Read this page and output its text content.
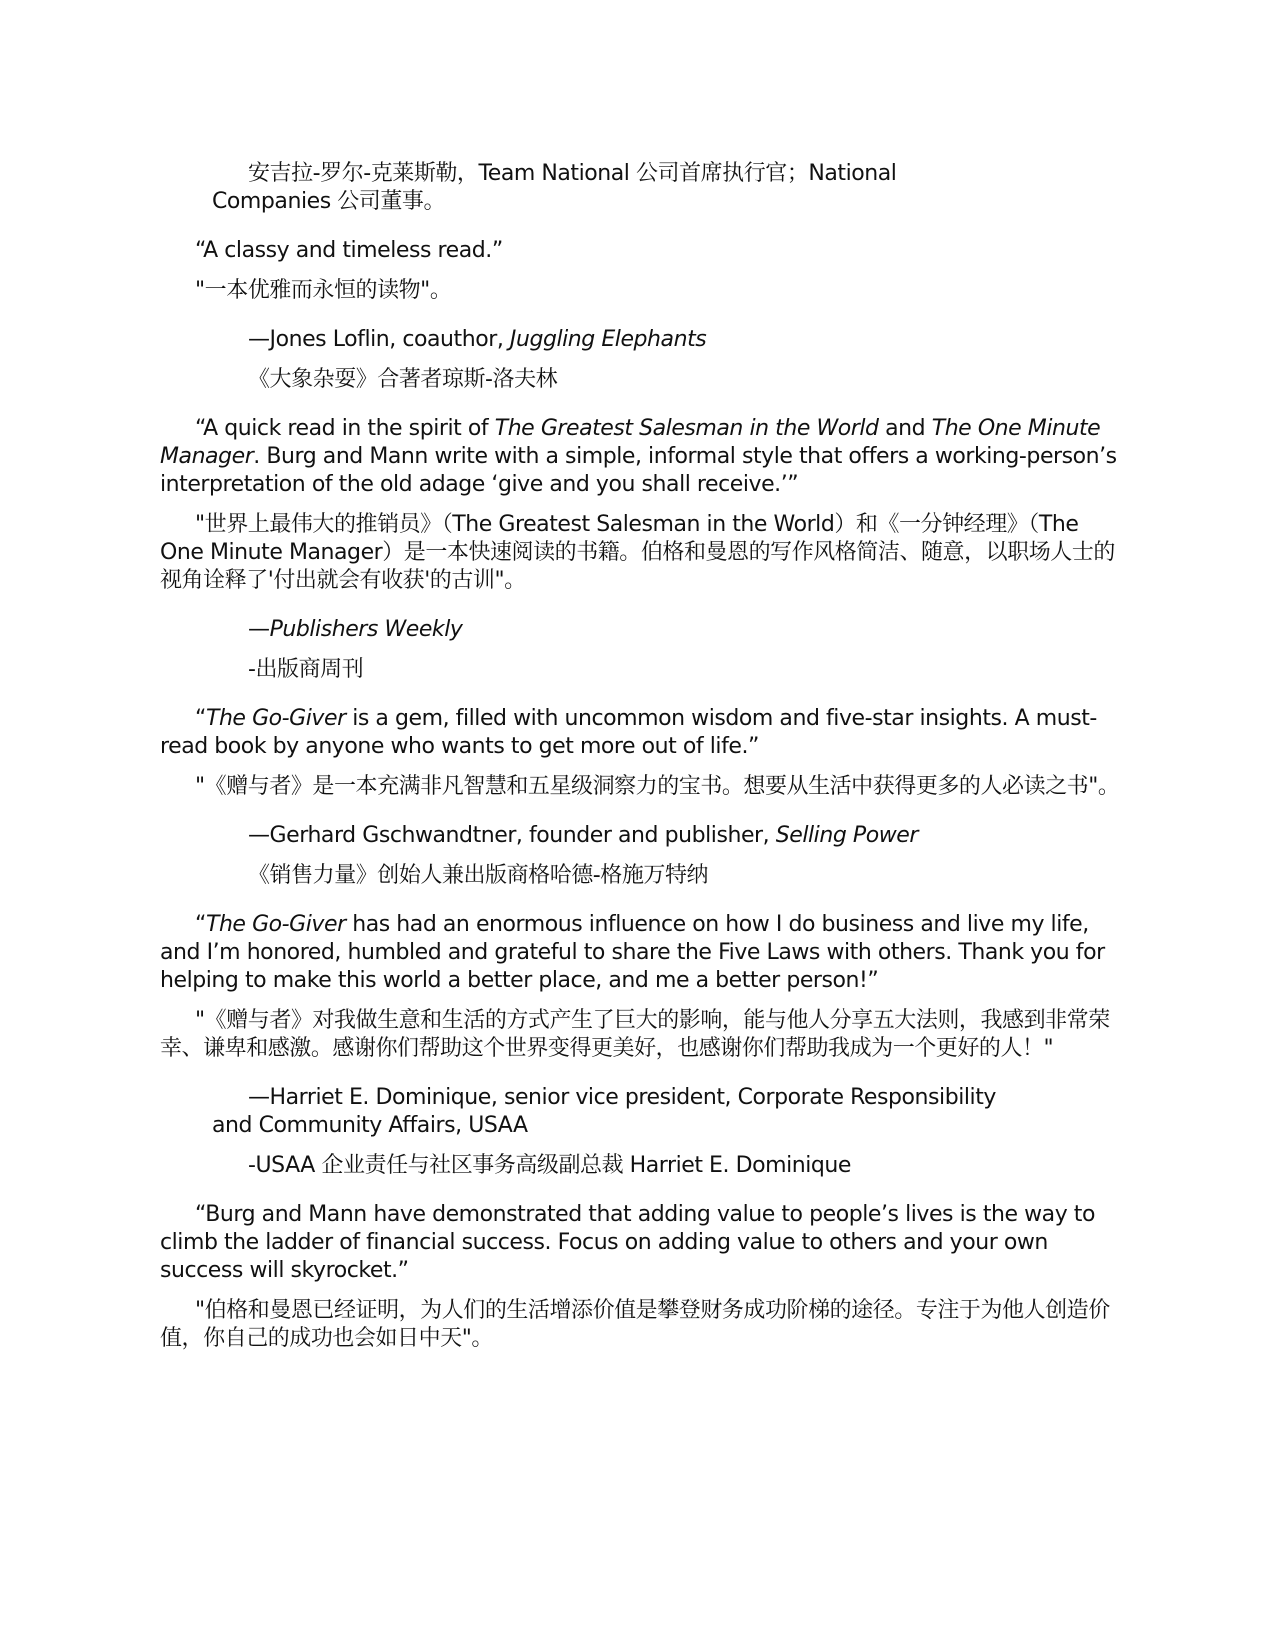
安吉拉-罗尔-克莱斯勒，Team National 公司首席执行官；National

Companies 公司董事。

“A classy and timeless read.”

"一本优雅而永恒的读物"。

—Jones Loflin, coauthor, Juggling Elephants

《大象杂耍》合著者琼斯-洛夫林

“A quick read in the spirit of The Greatest Salesman in the World and The One Minute Manager. Burg and Mann write with a simple, informal style that offers a working-person’s interpretation of the old adage ‘give and you shall receive.’”

"世界上最伟大的推销员》（The Greatest Salesman in the World）和《一分钟经理》（The One Minute Manager）是一本快速阅读的书籍。伯格和曼恩的写作风格简洁、随意，以职场人士的视角诠释了'付出就会有收获'的古训"。

—Publishers Weekly

-出版商周刊

“The Go-Giver is a gem, filled with uncommon wisdom and five-star insights. A must-read book by anyone who wants to get more out of life.”

"《赠与者》是一本充满非凡智慧和五星级洞察力的宝书。想要从生活中获得更多的人必读之书"。

—Gerhard Gschwandtner, founder and publisher, Selling Power

《销售力量》创始人兼出版商格哈德-格施万特纳

“The Go-Giver has had an enormous influence on how I do business and live my life, and I’m honored, humbled and grateful to share the Five Laws with others. Thank you for helping to make this world a better place, and me a better person!”

"《赠与者》对我做生意和生活的方式产生了巨大的影响，能与他人分享五大法则，我感到非常荣幸、谦卑和感激。感谢你们帮助这个世界变得更美好，也感谢你们帮助我成为一个更好的人！"

—Harriet E. Dominique, senior vice president, Corporate Responsibility

and Community Affairs, USAA

-USAA 企业责任与社区事务高级副总裁 Harriet E. Dominique

“Burg and Mann have demonstrated that adding value to people’s lives is the way to climb the ladder of financial success. Focus on adding value to others and your own success will skyrocket.”

"伯格和曼恩已经证明，为人们的生活增添价值是攀登财务成功阶梯的途径。专注于为他人创造价值，你自己的成功也会如日中天"。
